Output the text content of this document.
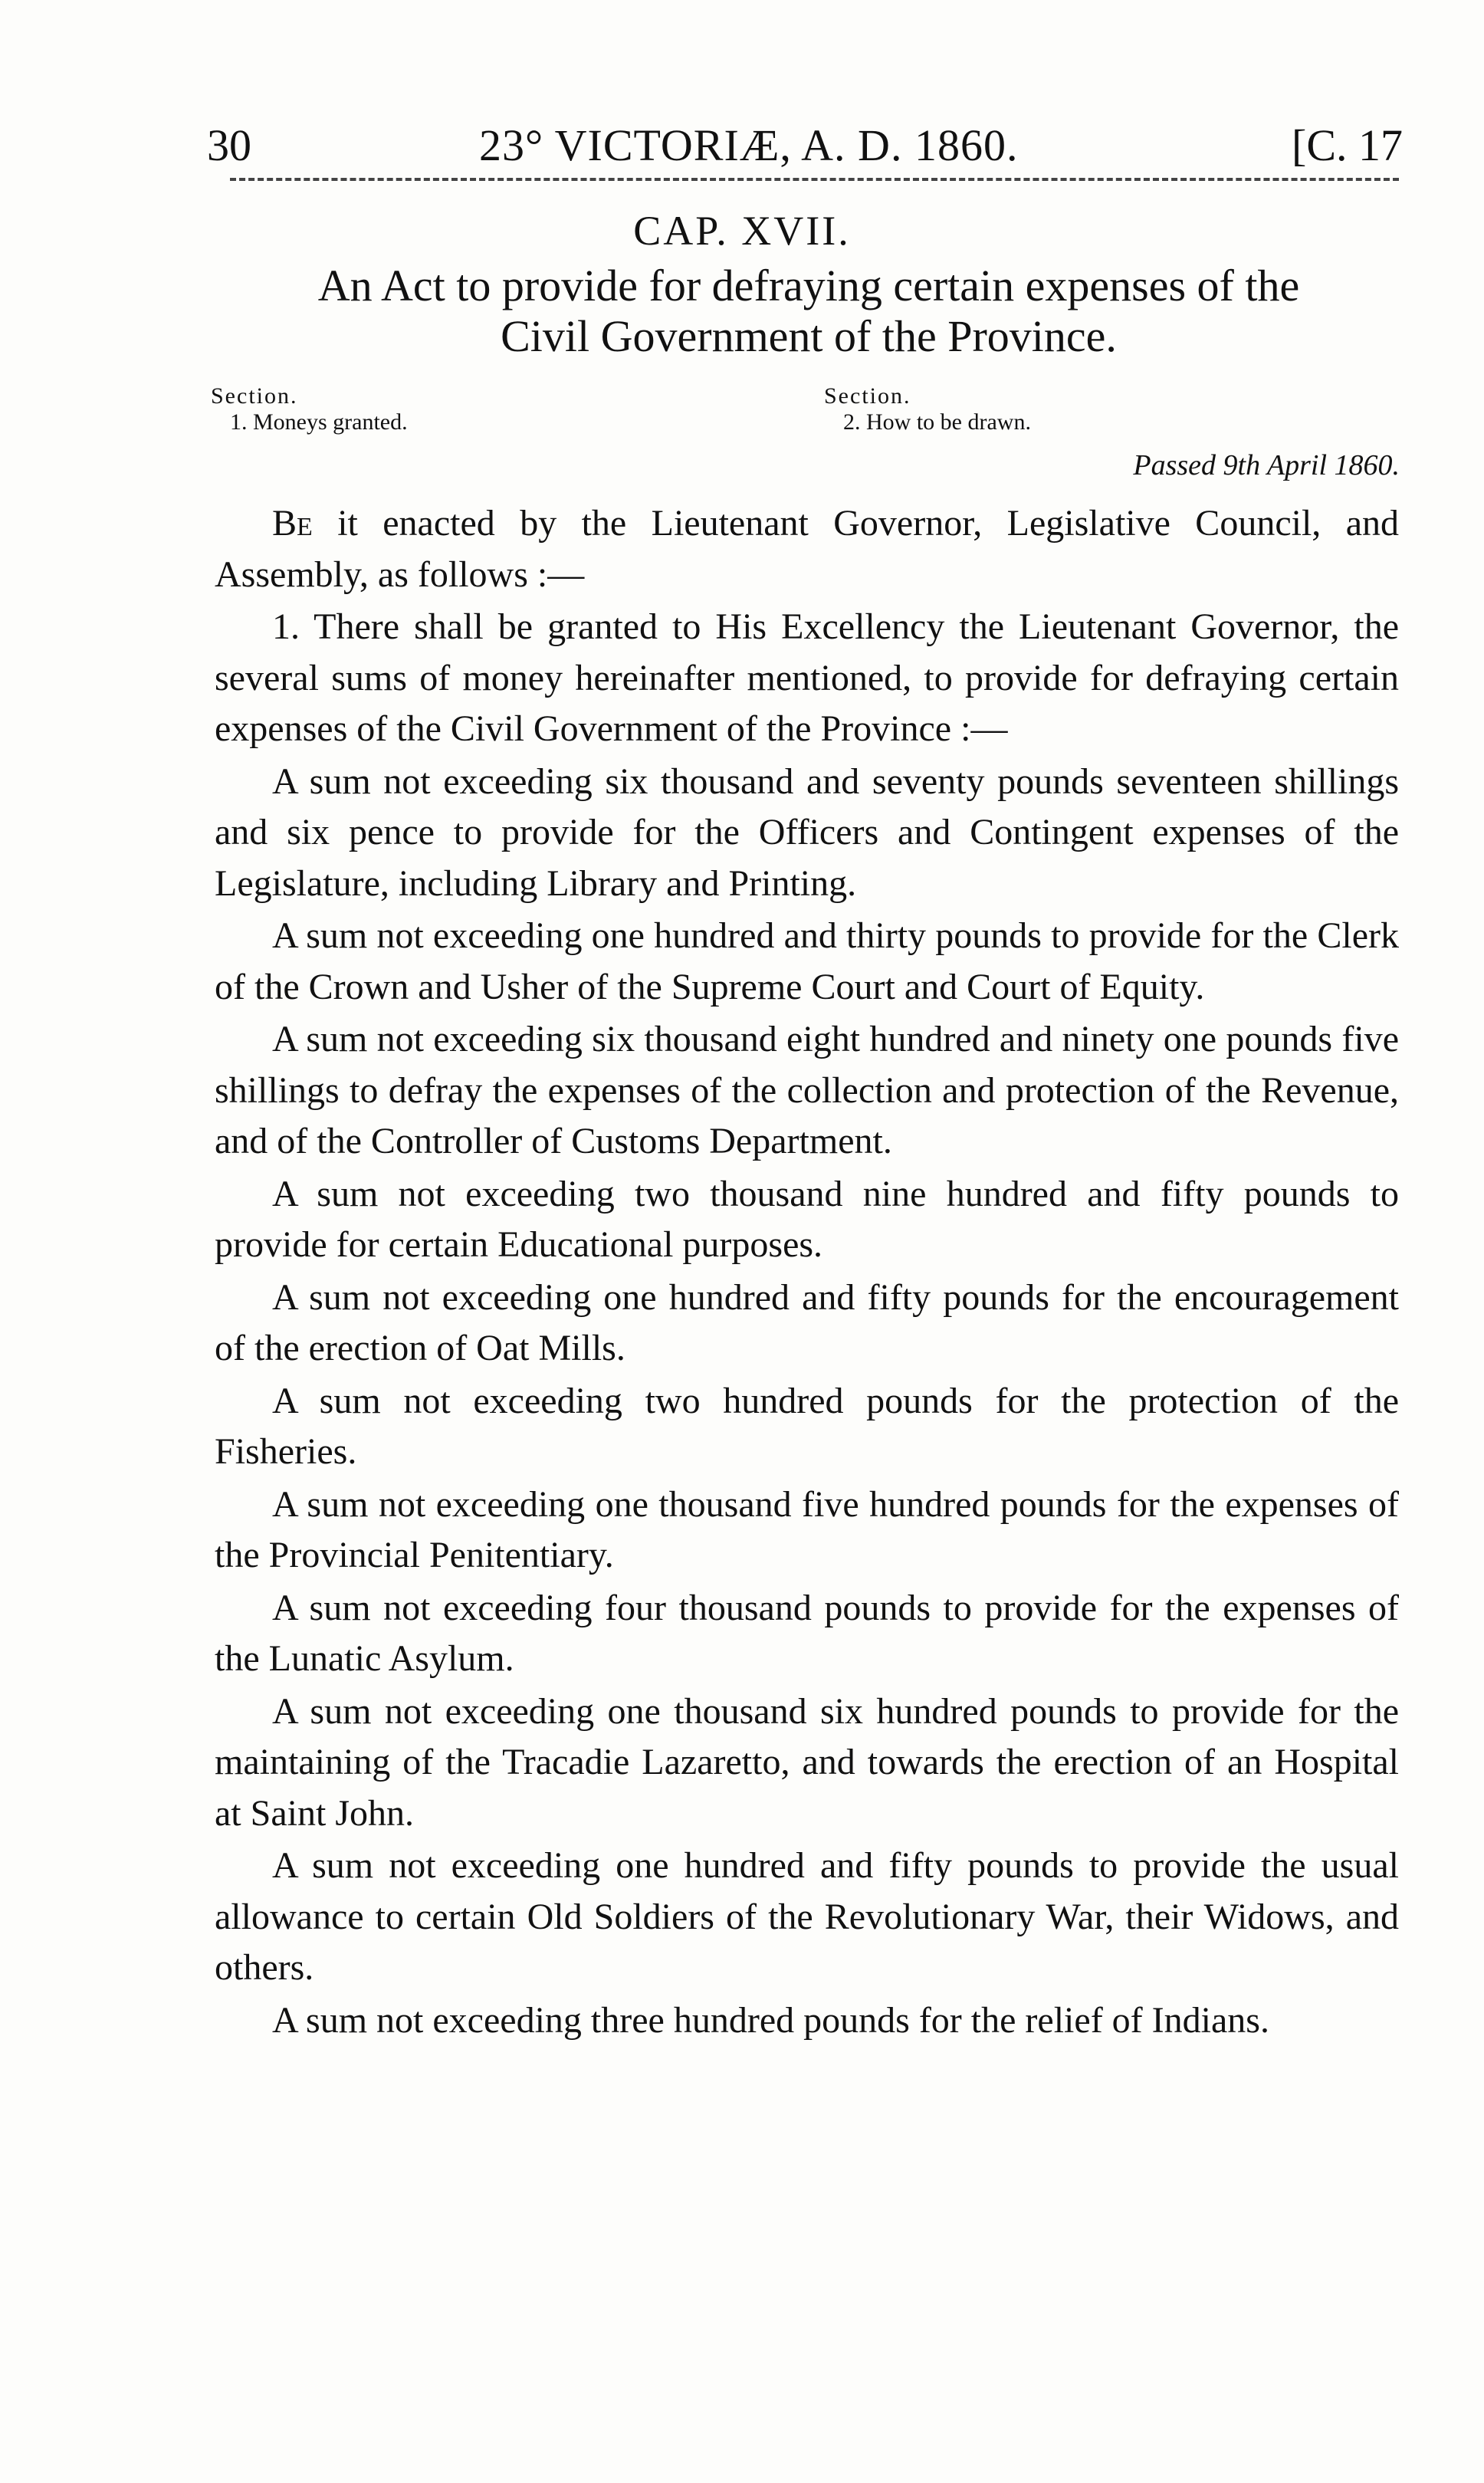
30	23° VICTORIÆ, A. D. 1860.	[C. 17
CAP. XVII.
An Act to provide for defraying certain expenses of the
Civil Government of the Province.
Section.
1. Moneys granted.
Section.
2. How to be drawn.
Passed 9th April 1860.

Be it enacted by the Lieutenant Governor, Legislative Council, and Assembly, as follows :—

1. There shall be granted to His Excellency the Lieutenant Governor, the several sums of money hereinafter mentioned, to provide for defraying certain expenses of the Civil Government of the Province :—

A sum not exceeding six thousand and seventy pounds seventeen shillings and six pence to provide for the Officers and Contingent expenses of the Legislature, including Library and Printing.

A sum not exceeding one hundred and thirty pounds to provide for the Clerk of the Crown and Usher of the Supreme Court and Court of Equity.

A sum not exceeding six thousand eight hundred and ninety one pounds five shillings to defray the expenses of the collection and protection of the Revenue, and of the Controller of Customs Department.

A sum not exceeding two thousand nine hundred and fifty pounds to provide for certain Educational purposes.

A sum not exceeding one hundred and fifty pounds for the encouragement of the erection of Oat Mills.

A sum not exceeding two hundred pounds for the protection of the Fisheries.

A sum not exceeding one thousand five hundred pounds for the expenses of the Provincial Penitentiary.

A sum not exceeding four thousand pounds to provide for the expenses of the Lunatic Asylum.

A sum not exceeding one thousand six hundred pounds to provide for the maintaining of the Tracadie Lazaretto, and towards the erection of an Hospital at Saint John.

A sum not exceeding one hundred and fifty pounds to provide the usual allowance to certain Old Soldiers of the Revolutionary War, their Widows, and others.

A sum not exceeding three hundred pounds for the relief of Indians.
